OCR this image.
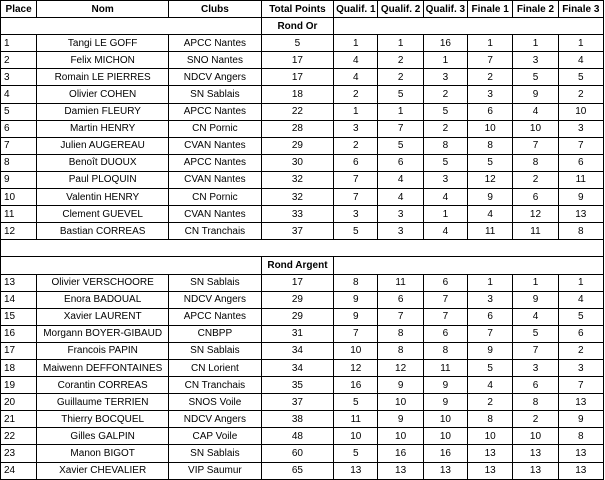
Place	Nom	Clubs	Total Points	Qualif. 1	Qualif. 2	Qualif. 3	Finale 1	Finale 2	Finale 3
			Rond Or						
1	Tangi LE GOFF	APCC Nantes	5	1	1	16	1	1	1
2	Felix MICHON	SNO Nantes	17	4	2	1	7	3	4
3	Romain LE PIERRES	NDCV Angers	17	4	2	3	2	5	5
4	Olivier COHEN	SN Sablais	18	2	5	2	3	9	2
5	Damien FLEURY	APCC Nantes	22	1	1	5	6	4	10
6	Martin HENRY	CN Pornic	28	3	7	2	10	10	3
7	Julien AUGEREAU	CVAN Nantes	29	2	5	8	8	7	7
8	Benoît DUOUX	APCC Nantes	30	6	6	5	5	8	6
9	Paul PLOQUIN	CVAN Nantes	32	7	4	3	12	2	11
10	Valentin HENRY	CN Pornic	32	7	4	4	9	6	9
11	Clement GUEVEL	CVAN Nantes	33	3	3	1	4	12	13
12	Bastian CORREAS	CN Tranchais	37	5	3	4	11	11	8

			Rond Argent						
13	Olivier VERSCHOORE	SN Sablais	17	8	11	6	1	1	1
14	Enora BADOUAL	NDCV Angers	29	9	6	7	3	9	4
15	Xavier LAURENT	APCC Nantes	29	9	7	7	6	4	5
16	Morgann BOYER-GIBAUD	CNBPP	31	7	8	6	7	5	6
17	Francois PAPIN	SN Sablais	34	10	8	8	9	7	2
18	Maiwenn DEFFONTAINES	CN Lorient	34	12	12	11	5	3	3
19	Corantin CORREAS	CN Tranchais	35	16	9	9	4	6	7
20	Guillaume TERRIEN	SNOS Voile	37	5	10	9	2	8	13
21	Thierry BOCQUEL	NDCV Angers	38	11	9	10	8	2	9
22	Gilles GALPIN	CAP Voile	48	10	10	10	10	10	8
23	Manon BIGOT	SN Sablais	60	5	16	16	13	13	13
24	Xavier CHEVALIER	VIP Saumur	65	13	13	13	13	13	13
